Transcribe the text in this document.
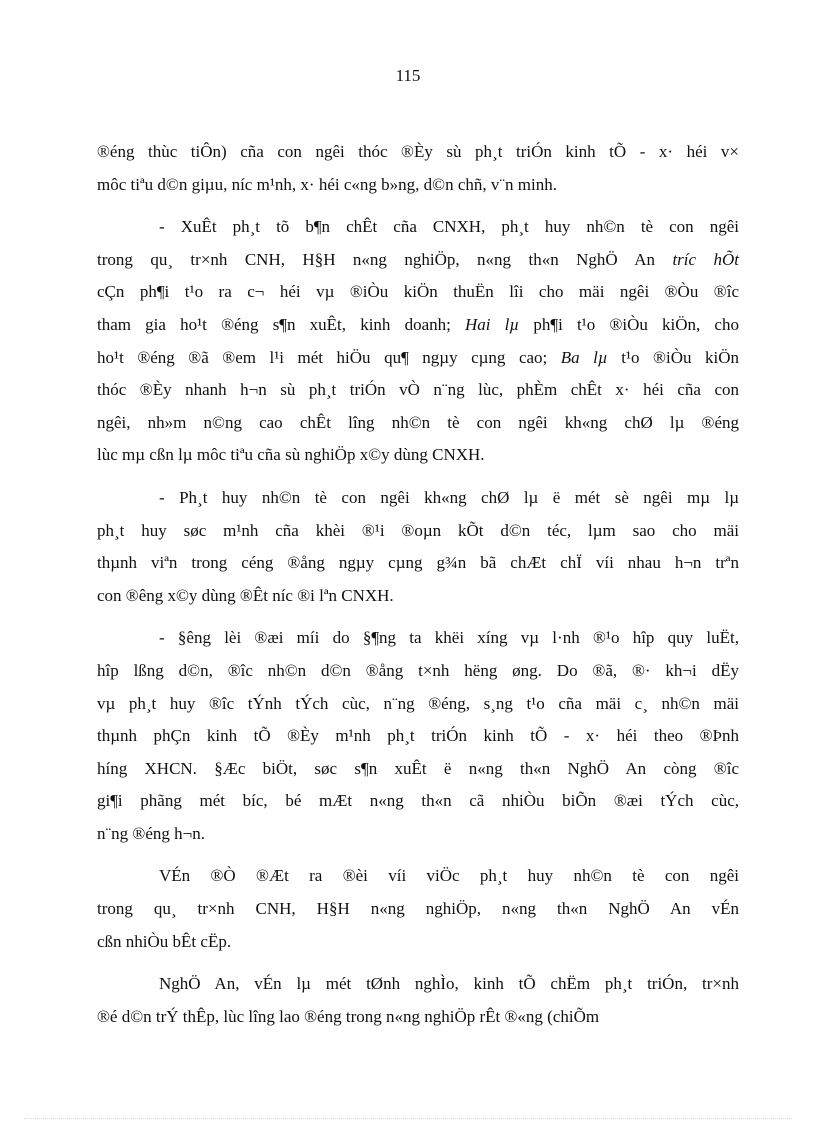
115
®éng thùc tiÔn) cña con ngêi thóc ®Èy sù ph¸t triÓn kinh tÕ - x· héi v×
môc tiªu d©n giµu, níc m¹nh, x· héi c«ng b»ng, d©n chñ, v¨n minh.
- XuÊt ph¸t tõ b¶n chÊt cña CNXH, ph¸t huy nh©n tè con ngêi
trong qu¸ tr×nh CNH, H§H n«ng nghiÖp, n«ng th«n NghÖ An tríc hÕt
cÇn ph¶i t¹o ra c¬ héi vµ ®iÒu kiÖn thuËn lîi cho mäi ngêi ®Òu ®îc
tham gia ho¹t ®éng s¶n xuÊt, kinh doanh; Hai lµ ph¶i t¹o ®iÒu kiÖn, cho
ho¹t ®éng ®ã ®em l¹i mét hiÖu qu¶ ngµy cµng cao; Ba lµ t¹o ®iÒu kiÖn
thóc ®Èy nhanh h¬n sù ph¸t triÓn vÒ n¨ng lùc, phÈm chÊt x· héi cña con
ngêi, nh»m n©ng cao chÊt lîng nh©n tè con ngêi kh«ng chØ lµ ®éng
lùc mµ cßn lµ môc tiªu cña sù nghiÖp x©y dùng CNXH.
- Ph¸t huy nh©n tè con ngêi kh«ng chØ lµ ë mét sè ngêi mµ lµ
ph¸t huy søc m¹nh cña khèi ®¹i ®oµn kÕt d©n téc, lµm sao cho mäi
thµnh viªn trong céng ®ång ngµy cµng g¾n bã chÆt chÏ víi nhau h¬n trªn
con ®êng x©y dùng ®Êt níc ®i lªn CNXH.
- §êng lèi ®æi míi do §¶ng ta khëi xíng vµ l·nh ®¹o hîp quy luËt,
hîp lßng d©n, ®îc nh©n d©n ®ång t×nh hëng øng. Do ®ã, ®· kh¬i dËy
vµ ph¸t huy ®îc tÝnh tÝch cùc, n¨ng ®éng, s¸ng t¹o cña mäi c¸ nh©n mäi
thµnh phÇn kinh tÕ ®Èy m¹nh ph¸t triÓn kinh tÕ - x· héi theo ®Þnh
híng XHCN. §Æc biÖt, søc s¶n xuÊt ë n«ng th«n NghÖ An còng ®îc
gi¶i phãng mét bíc, bé mÆt n«ng th«n cã nhiÒu biÕn ®æi tÝch cùc,
n¨ng ®éng h¬n.
VÉn ®Ò ®Æt ra ®èi víi viÖc ph¸t huy nh©n tè con ngêi
trong qu¸ tr×nh CNH, H§H n«ng nghiÖp, n«ng th«n NghÖ An vÉn
cßn nhiÒu bÊt cËp.
NghÖ An, vÉn lµ mét tØnh nghÌo, kinh tÕ chËm ph¸t triÓn, tr×nh
®é d©n trÝ thÊp, lùc lîng lao ®éng trong n«ng nghiÖp rÊt ®«ng (chiÕm
